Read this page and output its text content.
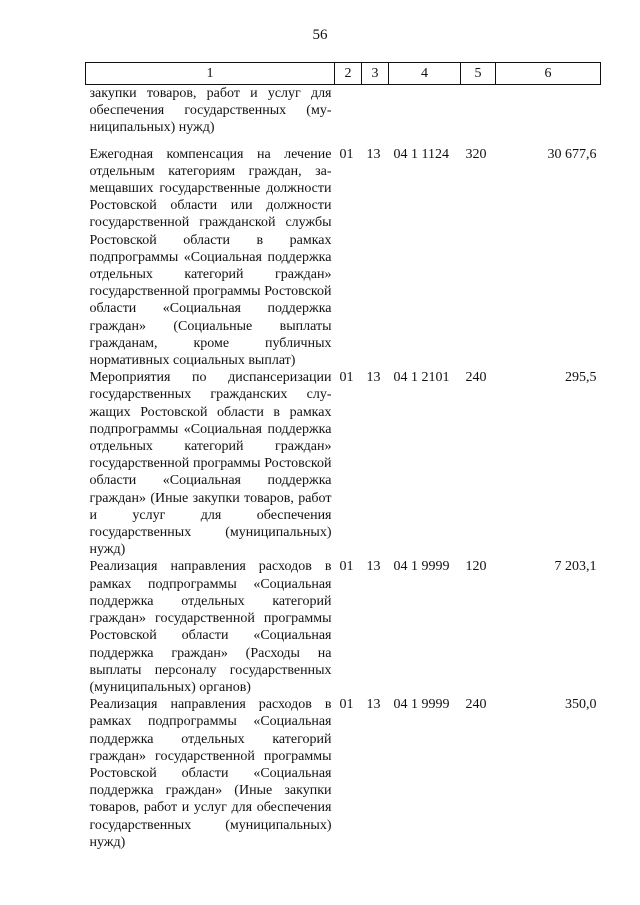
56
1	2	3	4	5	6
закупки товаров, работ и услуг для обеспечения государственных (муниципальных) нужд)					
Ежегодная компенсация на лечение отдельным категориям граждан, замещавших государственные должности Ростовской области или должности государственной гражданской службы Ростовской области в рамках подпрограммы «Социальная поддержка отдельных категорий граждан» государственной программы Ростовской области «Социальная поддержка граждан» (Социальные выплаты гражданам, кроме публичных нормативных социальных выплат)	01	13	04 1 1124	320	30 677,6
Мероприятия по диспансеризации государственных гражданских служащих Ростовской области в рамках подпрограммы «Социальная поддержка отдельных категорий граждан» государственной программы Ростовской области «Социальная поддержка граждан» (Иные закупки товаров, работ и услуг для обеспечения государственных (муниципальных) нужд)	01	13	04 1 2101	240	295,5
Реализация направления расходов в рамках подпрограммы «Социальная поддержка отдельных категорий граждан» государственной программы Ростовской области «Социальная поддержка граждан» (Расходы на выплаты персоналу государственных (муниципальных) органов)	01	13	04 1 9999	120	7 203,1
Реализация направления расходов в рамках подпрограммы «Социальная поддержка отдельных категорий граждан» государственной программы Ростовской области «Социальная поддержка граждан» (Иные закупки товаров, работ и услуг для обеспечения государственных (муниципальных) нужд)	01	13	04 1 9999	240	350,0
